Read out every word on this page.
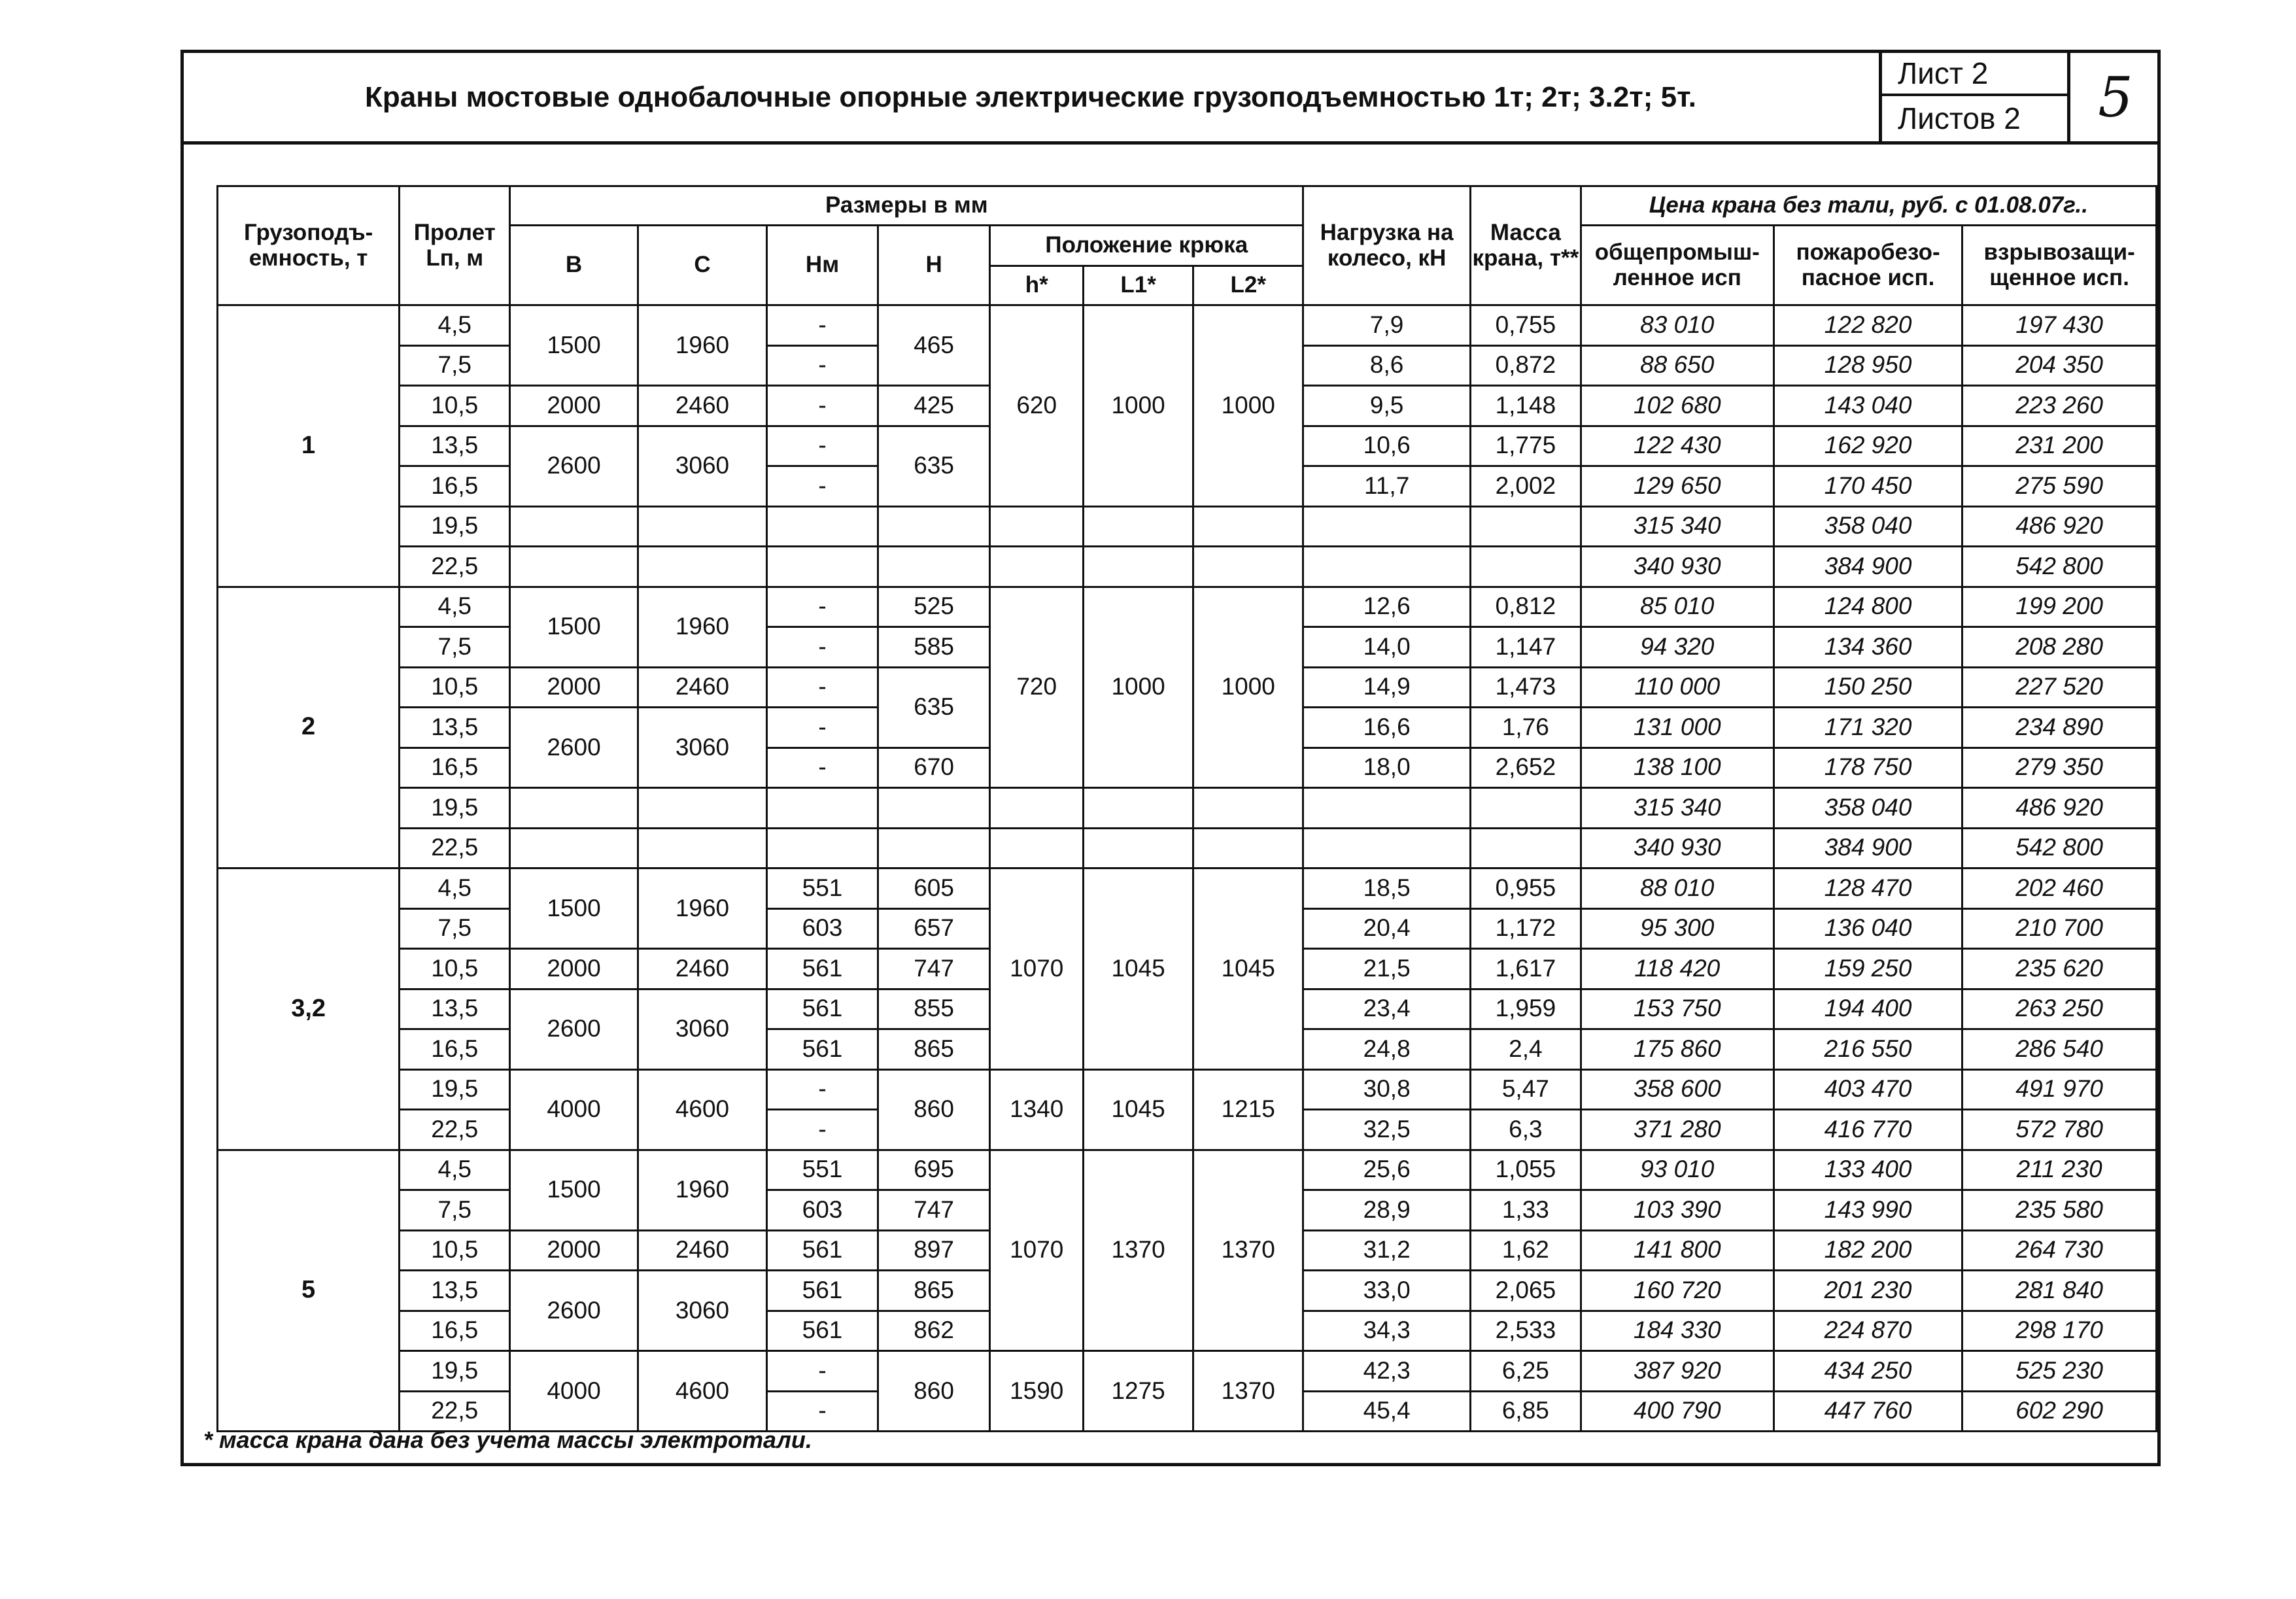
Краны мостовые однобалочные опорные электрические грузоподъемностью 1т; 2т; 3.2т; 5т.
Лист 2
Листов 2	5
Грузоподъ-емность, т	Пролет Lп, м	Размеры в мм							Нагрузка на колесо, кН	Масса крана, т**	Цена крана без тали, руб. с 01.08.07г..		
		B	C	Нм	H	Положение крюка					общепромыш-ленное исп	пожаробезо-пасное исп.	взрывозащи-щенное исп.
						h*	L1*	L2*					
1	4,5	1500	1960	-	465	620	1000	1000	7,9	0,755	83 010	122 820	197 430
	7,5			-					8,6	0,872	88 650	128 950	204 350
	10,5	2000	2460	-	425				9,5	1,148	102 680	143 040	223 260
	13,5	2600	3060	-	635				10,6	1,775	122 430	162 920	231 200
	16,5			-					11,7	2,002	129 650	170 450	275 590
	19,5										315 340	358 040	486 920
	22,5										340 930	384 900	542 800
2	4,5	1500	1960	-	525	720	1000	1000	12,6	0,812	85 010	124 800	199 200
	7,5			-	585				14,0	1,147	94 320	134 360	208 280
	10,5	2000	2460	-	635				14,9	1,473	110 000	150 250	227 520
	13,5	2600	3060	-					16,6	1,76	131 000	171 320	234 890
	16,5			-	670				18,0	2,652	138 100	178 750	279 350
	19,5										315 340	358 040	486 920
	22,5										340 930	384 900	542 800
3,2	4,5	1500	1960	551	605	1070	1045	1045	18,5	0,955	88 010	128 470	202 460
	7,5			603	657				20,4	1,172	95 300	136 040	210 700
	10,5	2000	2460	561	747				21,5	1,617	118 420	159 250	235 620
	13,5	2600	3060	561	855				23,4	1,959	153 750	194 400	263 250
	16,5			561	865				24,8	2,4	175 860	216 550	286 540
	19,5	4000	4600	-	860	1340	1045	1215	30,8	5,47	358 600	403 470	491 970
	22,5			-					32,5	6,3	371 280	416 770	572 780
5	4,5	1500	1960	551	695	1070	1370	1370	25,6	1,055	93 010	133 400	211 230
	7,5			603	747				28,9	1,33	103 390	143 990	235 580
	10,5	2000	2460	561	897				31,2	1,62	141 800	182 200	264 730
	13,5	2600	3060	561	865				33,0	2,065	160 720	201 230	281 840
	16,5			561	862				34,3	2,533	184 330	224 870	298 170
	19,5	4000	4600	-	860	1590	1275	1370	42,3	6,25	387 920	434 250	525 230
	22,5			-					45,4	6,85	400 790	447 760	602 290
* масса крана дана без учета массы электротали.
